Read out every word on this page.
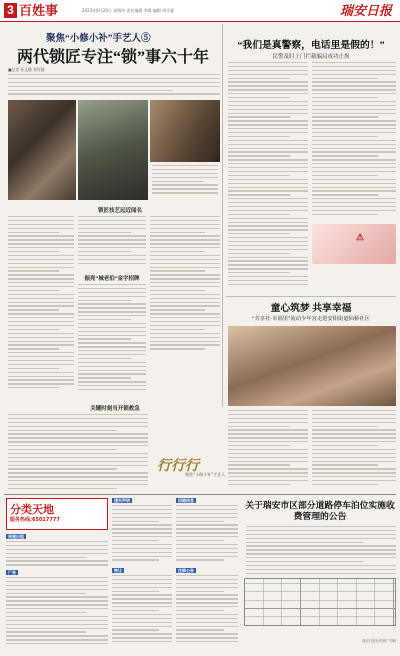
3 百姓事	2023年6月20日 星期四 责任编辑 李群 编辑 胡乐霖	瑞安日报
聚焦“小修小补”手艺人⑤
两代锁匠专注“锁”事六十年
■记者 孙文静 郑智涵
锁匠技艺远近闻名
振亮“城老伯”金字招牌
关键时刻当开锁救急
行行行
聚焦“小修小补”手艺人
“我们是真警察，电话里是假的！”
民警及时上门拦截骗局成功止损
⚠
童心筑梦 共享幸福
“共享社·幸福里”流动少年宫走进安阳街道仙桥社区
分类天地
服务热线:65017777
房屋出租
广告
遗失声明
转让
招聘信息
注销公告
关于瑞安市区部分道路停车泊位实施收费管理的公告
瑞安日报社印刷厂印刷
